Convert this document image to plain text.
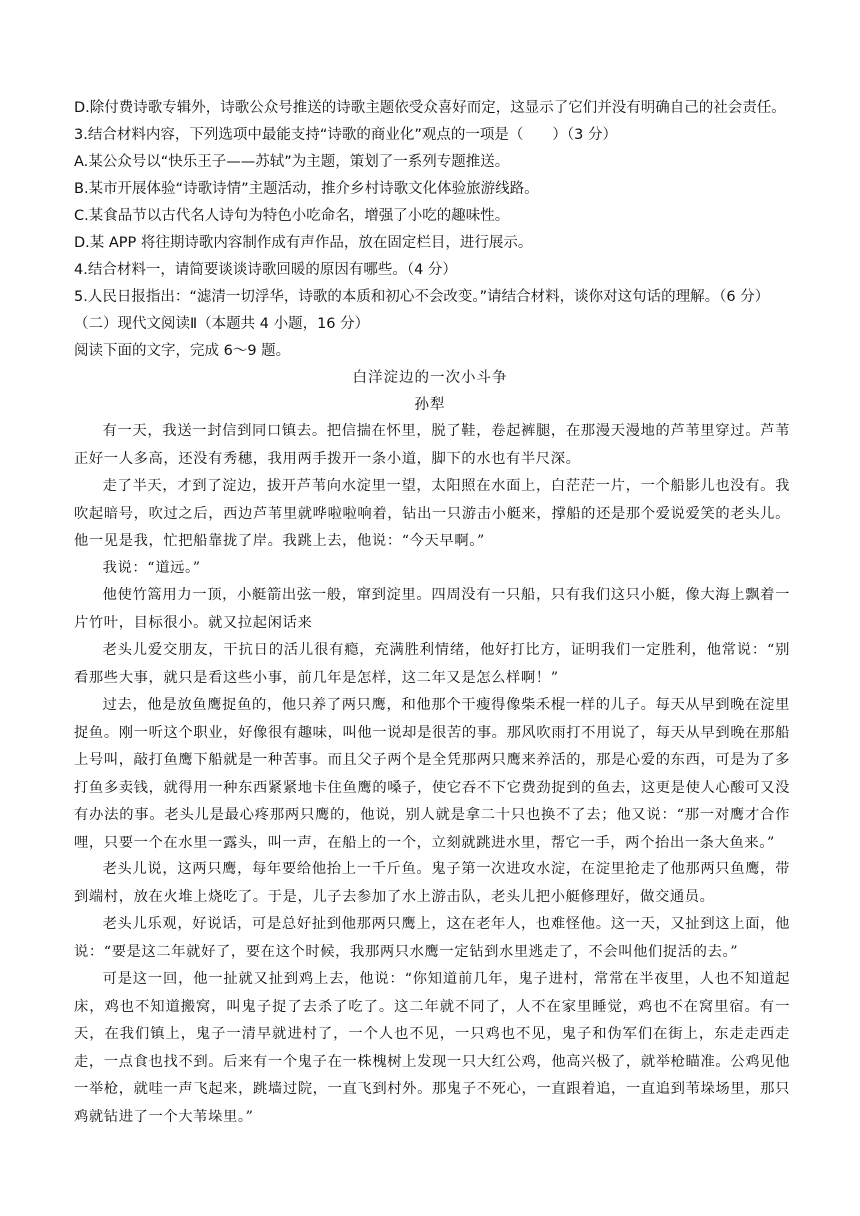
D.除付费诗歌专辑外，诗歌公众号推送的诗歌主题依受众喜好而定，这显示了它们并没有明确自己的社会责任。
3.结合材料内容，下列选项中最能支持“诗歌的商业化”观点的一项是（　　）（3 分）
A.某公众号以“快乐王子——苏轼”为主题，策划了一系列专题推送。
B.某市开展体验“诗歌诗情”主题活动，推介乡村诗歌文化体验旅游线路。
C.某食品节以古代名人诗句为特色小吃命名，增强了小吃的趣味性。
D.某 APP 将往期诗歌内容制作成有声作品，放在固定栏目，进行展示。
4.结合材料一，请简要谈谈诗歌回暖的原因有哪些。（4 分）
5.人民日报指出：“滤清一切浮华，诗歌的本质和初心不会改变。”请结合材料，谈你对这句话的理解。（6 分）
（二）现代文阅读Ⅱ（本题共 4 小题，16 分）
阅读下面的文字，完成 6～9 题。
白洋淀边的一次小斗争
孙犁
有一天，我送一封信到同口镇去。把信揣在怀里，脱了鞋，卷起裤腿，在那漫天漫地的芦苇里穿过。芦苇正好一人多高，还没有秀穗，我用两手拨开一条小道，脚下的水也有半尺深。
走了半天，才到了淀边，拔开芦苇向水淀里一望，太阳照在水面上，白茫茫一片，一个船影儿也没有。我吹起暗号，吹过之后，西边芦苇里就哗啦啦响着，钻出一只游击小艇来，撑船的还是那个爱说爱笑的老头儿。他一见是我，忙把船靠拢了岸。我跳上去，他说：“今天早啊。”
我说：“道远。”
他使竹篙用力一顶，小艇箭出弦一般，窜到淀里。四周没有一只船，只有我们这只小艇，像大海上飘着一片竹叶，目标很小。就又拉起闲话来
老头儿爱交朋友，干抗日的活儿很有瘾，充满胜利情绪，他好打比方，证明我们一定胜利，他常说：“别看那些大事，就只是看这些小事，前几年是怎样，这二年又是怎么样啊！”
过去，他是放鱼鹰捉鱼的，他只养了两只鹰，和他那个干瘦得像柴禾棍一样的儿子。每天从早到晚在淀里捉鱼。刚一听这个职业，好像很有趣味，叫他一说却是很苦的事。那风吹雨打不用说了，每天从早到晚在那船上号叫，敲打鱼鹰下船就是一种苦事。而且父子两个是全凭那两只鹰来养活的，那是心爱的东西，可是为了多打鱼多卖钱，就得用一种东西紧紧地卡住鱼鹰的嗓子，使它吞不下它费劲捉到的鱼去，这更是使人心酸可又没有办法的事。老头儿是最心疼那两只鹰的，他说，别人就是拿二十只也换不了去；他又说：“那一对鹰才合作哩，只要一个在水里一露头，叫一声，在船上的一个，立刻就跳进水里，帮它一手，两个抬出一条大鱼来。”
老头儿说，这两只鹰，每年要给他抬上一千斤鱼。鬼子第一次进攻水淀，在淀里抢走了他那两只鱼鹰，带到端村，放在火堆上烧吃了。于是，儿子去参加了水上游击队，老头儿把小艇修理好，做交通员。
老头儿乐观，好说话，可是总好扯到他那两只鹰上，这在老年人，也难怪他。这一天，又扯到这上面，他说：“要是这二年就好了，要在这个时候，我那两只水鹰一定钻到水里逃走了，不会叫他们捉活的去。”
可是这一回，他一扯就又扯到鸡上去，他说：“你知道前几年，鬼子进村，常常在半夜里，人也不知道起床，鸡也不知道搬窝，叫鬼子捉了去杀了吃了。这二年就不同了，人不在家里睡觉，鸡也不在窝里宿。有一天，在我们镇上，鬼子一清早就进村了，一个人也不见，一只鸡也不见，鬼子和伪军们在街上，东走走西走走，一点食也找不到。后来有一个鬼子在一株槐树上发现一只大红公鸡，他高兴极了，就举枪瞄准。公鸡见他一举枪，就哇一声飞起来，跳墙过院，一直飞到村外。那鬼子不死心，一直跟着追，一直追到苇垛场里，那只鸡就钻进了一个大苇垛里。”
